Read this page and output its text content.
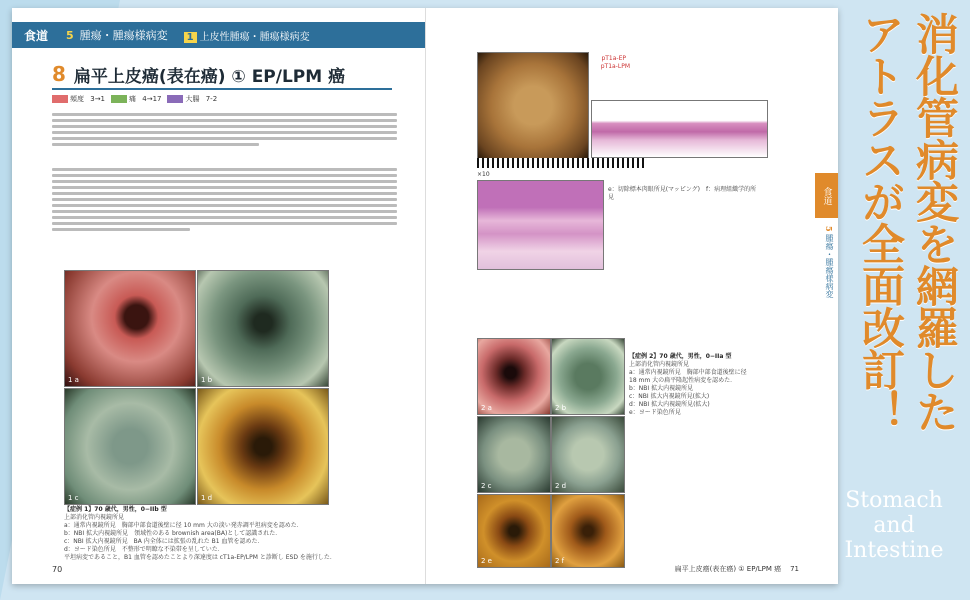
食道	5 腫瘍・腫瘍様病変	1 上皮性腫瘍・腫瘍様病変
8 扁平上皮癌(表在癌) ① EP/LPM 癌
頻度
3→1	痛
4→17	大腸
7-2
1 a	1 b
1 c	1 d
【症例 1】70 歳代，男性，0−IIb 型
上部消化管内視鏡所見
a：通常内視鏡所見　胸部中部食道後壁に径 10 mm 大の淡い発赤調平坦病変を認めた．
b：NBI 拡大内視鏡所見　領域性のある brownish area(BA)として認識された．
c：NBI 拡大内視鏡所見　BA 内全体には拡張の乱れた B1 血管を認めた．
d：ヨード染色所見　不整形で明瞭な不染帯を呈していた．
平坦病変であること，B1 血管を認めたことより深達度は cT1a-EP/LPM と診断し ESD を施行した．
70
pT1a-EP
pT1a-LPM
×10
e：切除標本肉眼所見(マッピング)　f：病理組織学的所見
2 a	2 b
2 c	2 d
2 e	2 f
【症例 2】70 歳代，男性，0−IIa 型
上部消化管内視鏡所見
a：通常内視鏡所見　胸部中部食道後壁に径 18 mm 大の扁平隆起性病変を認めた．
b：NBI 拡大内視鏡所見
c：NBI 拡大内視鏡所見(拡大)
d：NBI 拡大内視鏡所見(拡大)
e：ヨード染色所見
食道
5 腫瘍・腫瘍様病変
扁平上皮癌(表在癌) ① EP/LPM 癌 71
消化管病変を網羅した
アトラスが全面改訂！
Stomach
and
Intestine
